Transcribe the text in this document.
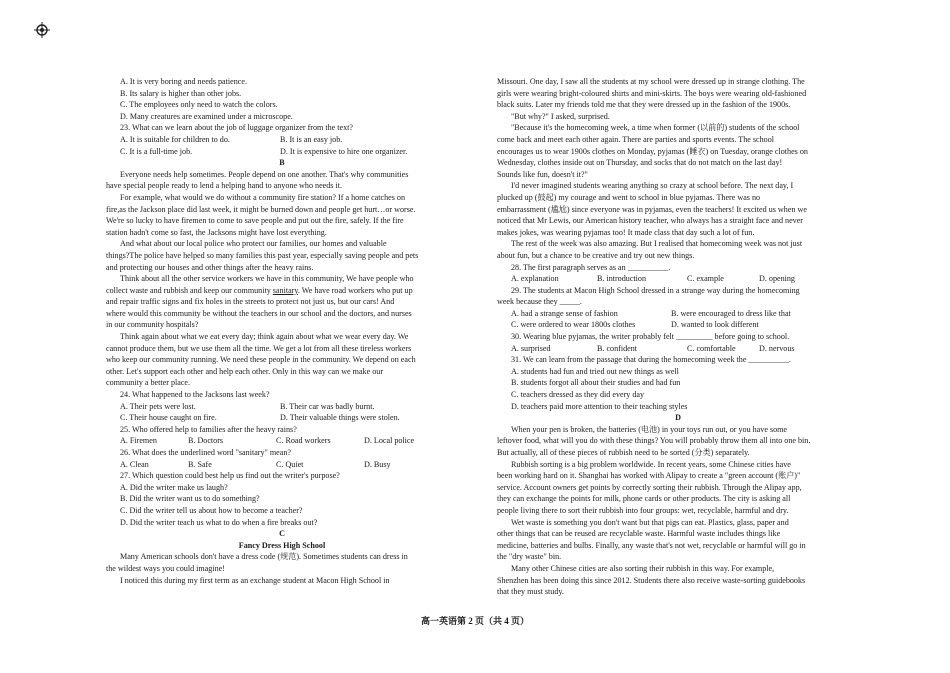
A. It is very boring and needs patience.
B. Its salary is higher than other jobs.
C. The employees only need to watch the colors.
D. Many creatures are examined under a microscope.
23. What can we learn about the job of luggage organizer from the text?
A. It is suitable for children to do.	B. It is an easy job.
C. It is a full-time job.	D. It is expensive to hire one organizer.
B
Everyone needs help sometimes. People depend on one another. That's why communities
have special people ready to lend a helping hand to anyone who needs it.
For example, what would we do without a community fire station? If a home catches on
fire,as the Jackson place did last week, it might be burned down and people get hurt…or worse.
We're so lucky to have firemen to come to save people and put out the fire, safely. If the fire
station hadn't come so fast, the Jacksons might have lost everything.
And what about our local police who protect our families, our homes and valuable
things?The police have helped so many families this past year, especially saving people and pets
and protecting our houses and other things after the heavy rains.
Think about all the other service workers we have in this community, We have people who
collect waste and rubbish and keep our community sanitary. We have road workers who put up
and repair traffic signs and fix holes in the streets to protect not just us, but our cars! And
where would this community be without the teachers in our school and the doctors, and nurses
in our community hospitals?
Think again about what we eat every day; think again about what we wear every day. We
cannot produce them, but we use them all the time. We get a lot from all these tireless workers
who keep our community running. We need these people in the community. We depend on each
other. Let's support each other and help each other. Only in this way can we make our
community a better place.
24. What happened to the Jacksons last week?
A. Their pets were lost.	B. Their car was badly burnt.
C. Their house caught on fire.	D. Their valuable things were stolen.
25. Who offered help to families after the heavy rains?
A. Firemen	B. Doctors	C. Road workers	D. Local police
26. What does the underlined word "sanitary" mean?
A. Clean	B. Safe	C. Quiet	D. Busy
27. Which question could best help us find out the writer's purpose?
A. Did the writer make us laugh?
B. Did the writer want us to do something?
C. Did the writer tell us about how to become a teacher?
D. Did the writer teach us what to do when a fire breaks out?
C
Fancy Dress High School
Many American schools don't have a dress code (规范). Sometimes students can dress in
the wildest ways you could imagine!
I noticed this during my first term as an exchange student at Macon High School in
Missouri. One day, I saw all the students at my school were dressed up in strange clothing. The
girls were wearing bright-coloured shirts and mini-skirts. The boys were wearing old-fashioned
black suits. Later my friends told me that they were dressed up in the fashion of the 1900s.
"But why?" I asked, surprised.
"Because it's the homecoming week, a time when former (以前的) students of the school
come back and meet each other again. There are parties and sports events. The school
encourages us to wear 1900s clothes on Monday, pyjamas (睡衣) on Tuesday, orange clothes on
Wednesday, clothes inside out on Thursday, and socks that do not match on the last day!
Sounds like fun, doesn't it?"
I'd never imagined students wearing anything so crazy at school before. The next day, I
plucked up (鼓起) my courage and went to school in blue pyjamas. There was no
embarrassment (尴尬) since everyone was in pyjamas, even the teachers! It excited us when we
noticed that Mr Lewis, our American history teacher, who always has a straight face and never
makes jokes, was wearing pyjamas too! It made class that day such a lot of fun.
The rest of the week was also amazing. But I realised that homecoming week was not just
about fun, but a chance to be creative and try out new things.
28. The first paragraph serves as an __________.
A. explanation	B. introduction	C. example	D. opening
29. The students at Macon High School dressed in a strange way during the homecoming
week because they _____.
A. had a strange sense of fashion	B. were encouraged to dress like that
C. were ordered to wear 1800s clothes	D. wanted to look different
30. Wearing blue pyjamas, the writer probably felt _________ before going to school.
A. surprised	B. confident	C. comfortable	D. nervous
31. We can learn from the passage that during the homecoming week the __________.
A. students had fun and tried out new things as well
B. students forgot all about their studies and had fun
C. teachers dressed as they did every day
D. teachers paid more attention to their teaching styles
D
When your pen is broken, the batteries (电池) in your toys run out, or you have some
leftover food, what will you do with these things? You will probably throw them all into one bin.
But actually, all of these pieces of rubbish need to be sorted (分类) separately.
Rubbish sorting is a big problem worldwide. In recent years, some Chinese cities have
been working hard on it. Shanghai has worked with Alipay to create a "green account (账户)"
service. Account owners get points by correctly sorting their rubbish. Through the Alipay app,
they can exchange the points for milk, phone cards or other products. The city is asking all
people living there to sort their rubbish into four groups: wet, recyclable, harmful and dry.
Wet waste is something you don't want but that pigs can eat. Plastics, glass, paper and
other things that can be reused are recyclable waste. Harmful waste includes things like
medicine, batteries and bulbs. Finally, any waste that's not wet, recyclable or harmful will go in
the "dry waste" bin.
Many other Chinese cities are also sorting their rubbish in this way. For example,
Shenzhen has been doing this since 2012. Students there also receive waste-sorting guidebooks
that they must study.
高一英语第 2 页（共 4 页）
